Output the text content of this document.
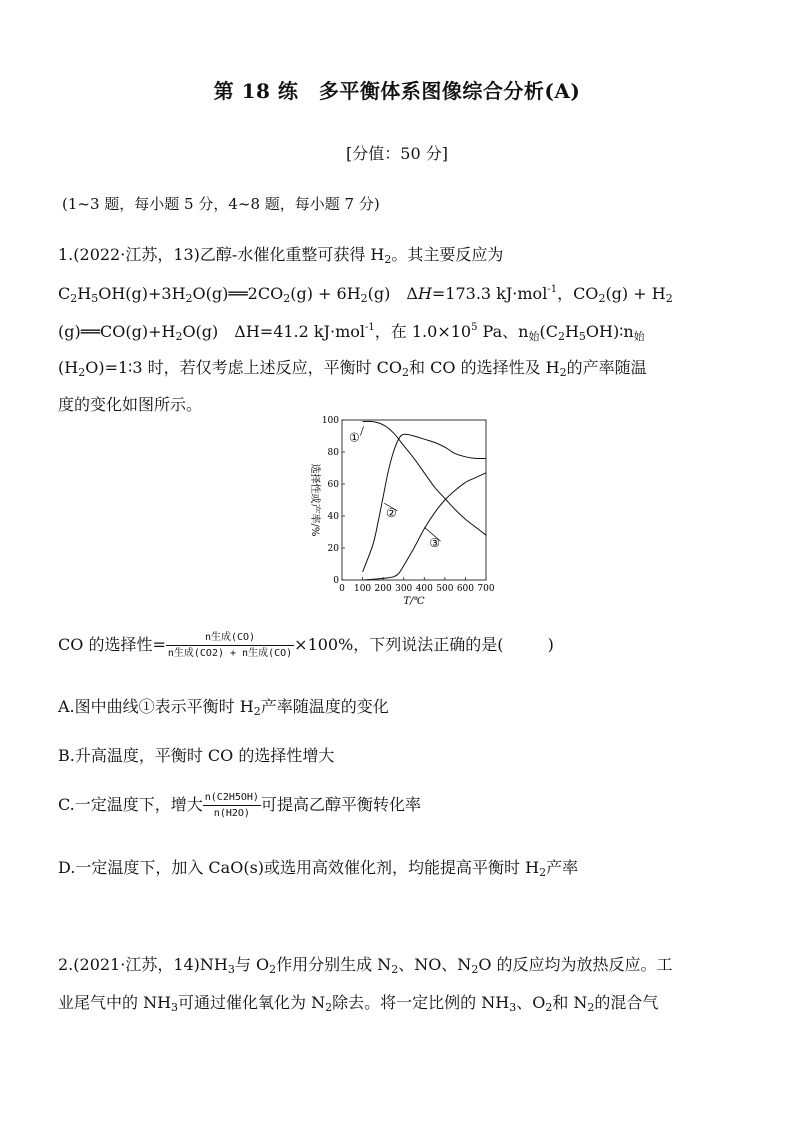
第 18 练　多平衡体系图像综合分析(A)
[分值：50 分]
(1~3 题，每小题 5 分，4~8 题，每小题 7 分)
1.(2022·江苏，13)乙醇-水催化重整可获得 $H_2$。其主要反应为
$C_2H_5OH(g)+3H_2O(g)══2CO_2(g) + 6H_2(g)$　ΔH=173.3 kJ·mol$^{-1}$，$CO_2(g) + H_2$
$(g)══CO(g)+H_2O(g)$　ΔH=41.2 kJ·mol$^{-1}$，在 $1.0\times 10^5$ Pa、$n_始(C_2H_5OH)∶n_始$
$(H_2O)=1∶3$ 时，若仅考虑上述反应，平衡时 $CO_2$和 CO 的选择性及 $H_2$的产率随温
度的变化如图所示。
0
20
40
60
80
100
0 100 200 300 400 500 600 700
T/℃
选择性或产率/%
①
②
③
CO 的选择性= $\frac{\text{n生成(CO)}}{\text{n生成(CO2) + n生成(CO)}} \times 100\%$，下列说法正确的是(	)
A.图中曲线①表示平衡时 $H_2$产率随温度的变化
B.升高温度，平衡时 CO 的选择性增大
C.一定温度下，增大 $\frac{n(C2H5OH)}{n(H2O)}$ 可提高乙醇平衡转化率
D.一定温度下，加入 CaO(s)或选用高效催化剂，均能提高平衡时 $H_2$产率
2.(2021·江苏，$14)NH_3$与 $O_2$作用分别生成 $N_2$、NO、$N_2O$ 的反应均为放热反应。工
业尾气中的 $NH_3$可通过催化氧化为 $N_2$除去。将一定比例的 $NH_3$、$O_2$和 $N_2$的混合气
